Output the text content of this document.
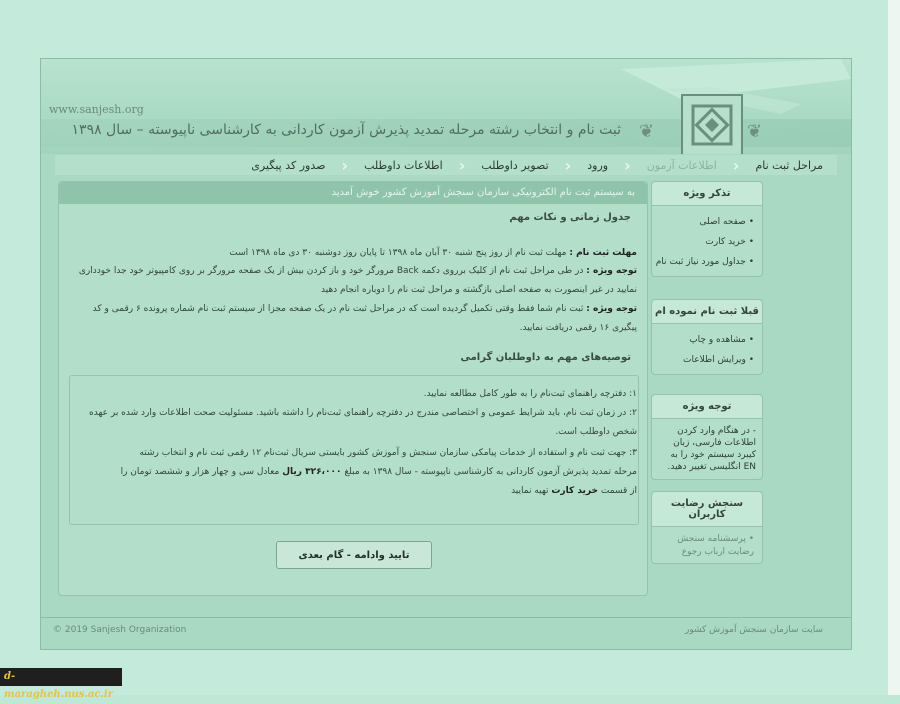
www.sanjesh.org
ثبت نام و انتخاب رشته مرحله تمدید پذیرش آزمون کاردانی به کارشناسی ناپیوسته – سال ۱۳۹۸ ❦	❦
مراحل ثبت نام
‹
اطلاعات آزمون
‹
ورود
‹
تصویر داوطلب
‹
اطلاعات داوطلب
‹
صدور کد پیگیری
به سیستم ثبت نام الکترونیکی سازمان سنجش آموزش کشور خوش آمدید
جدول زمانی و نکات مهم
مهلت ثبت نام : مهلت ثبت نام از روز پنج شنبه ۳۰ آبان ماه ۱۳۹۸ تا پایان روز دوشنبه ۳۰ دی ماه ۱۳۹۸ است
توجه ویژه : در طی مراحل ثبت نام از کلیک برروی دکمه Back مرورگر خود و باز کردن بیش از یک صفحه مرورگر بر روی کامپیوتر خود جدا خودداری نمایید در غیر اینصورت به صفحه اصلی بازگشته و مراحل ثبت نام را دوباره انجام دهید
توجه ویژه : ثبت نام شما فقط وقتی تکمیل گردیده است که در مراحل ثبت نام در یک صفحه مجزا از سیستم ثبت نام شماره پرونده ۶ رقمی و کد پیگیری ۱۶ رقمی دریافت نمایید.
توصیه‌های مهم به داوطلبان گرامی
۱: دفترچه راهنمای ثبت‌نام را به طور کامل مطالعه نمایید.
۲: در زمان ثبت نام، باید شرایط عمومی و اختصاصی مندرج در دفترچه راهنمای ثبت‌نام را داشته باشید. مسئولیت صحت اطلاعات وارد شده بر عهده شخص داوطلب است.
۳: جهت ثبت نام و استفاده از خدمات پیامکی سازمان سنجش و آموزش کشور بایستی سریال ثبت‌نام ۱۲ رقمی ثبت نام و انتخاب رشته
مرحله تمدید پذیرش آزمون کاردانی به کارشناسی ناپیوسته - سال ۱۳۹۸ به مبلغ ۳۲۶،۰۰۰ ریال معادل سی و چهار هزار و ششصد تومان را
از قسمت خرید کارت تهیه نمایید
تایید وادامه - گام بعدی
تذکر ویژه
• صفحه اصلی
• خرید کارت
• جداول مورد نیاز ثبت نام
قبلا ثبت نام نموده ام
• مشاهده و چاپ
• ویرایش اطلاعات
توجه ویژه
- در هنگام وارد کردن اطلاعات فارسی، زبان کیبرد سیستم خود را به EN انگلیسی تغییر دهید.
سنجش رضایت کاربران
• پرسشنامه سنجش رضایت ارباب رجوع
© 2019 Sanjesh Organization	سایت سازمان سنجش آموزش کشور
d-maragheh.nus.ac.ir
